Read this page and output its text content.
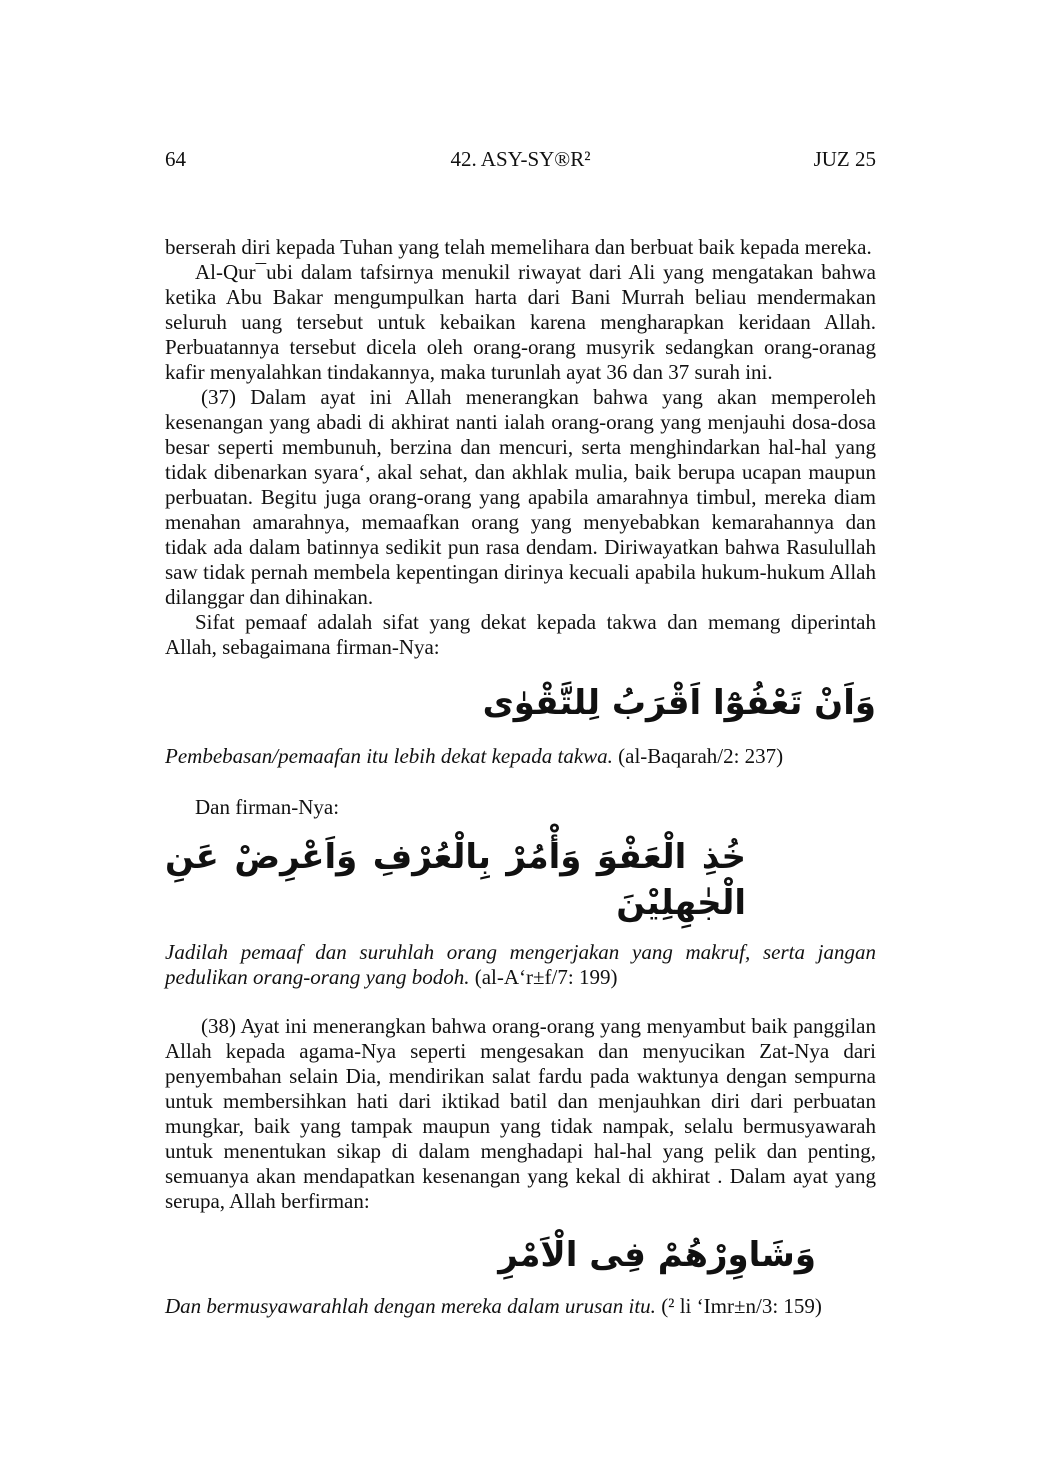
64	42. ASY-SY®R²	JUZ 25

berserah diri kepada Tuhan yang telah memelihara dan berbuat baik kepada mereka.

Al-Qur¯ubi dalam tafsirnya menukil riwayat dari Ali yang mengatakan bahwa ketika Abu Bakar mengumpulkan harta dari Bani Murrah beliau mendermakan seluruh uang tersebut untuk kebaikan karena mengharapkan keridaan Allah. Perbuatannya tersebut dicela oleh orang-orang musyrik sedangkan orang-oranag kafir menyalahkan tindakannya, maka turunlah ayat 36 dan 37 surah ini.

(37) Dalam ayat ini Allah menerangkan bahwa yang akan memperoleh kesenangan yang abadi di akhirat nanti ialah orang-orang yang menjauhi dosa-dosa besar seperti membunuh, berzina dan mencuri, serta menghindarkan hal-hal yang tidak dibenarkan syara‘, akal sehat, dan akhlak mulia, baik berupa ucapan maupun perbuatan. Begitu juga orang-orang yang apabila amarahnya timbul, mereka diam menahan amarahnya, memaafkan orang yang menyebabkan kemarahannya dan tidak ada dalam batinnya sedikit pun rasa dendam. Diriwayatkan bahwa Rasulullah saw tidak pernah membela kepentingan dirinya kecuali apabila hukum-hukum Allah dilanggar dan dihinakan.

Sifat pemaaf adalah sifat yang dekat kepada takwa dan memang diperintah Allah, sebagaimana firman-Nya:

وَاَنْ تَعْفُوْٓا اَقْرَبُ لِلتَّقْوٰى

Pembebasan/pemaafan itu lebih dekat kepada takwa. (al-Baqarah/2: 237)

Dan firman-Nya:

خُذِ الْعَفْوَ وَأْمُرْ بِالْعُرْفِ وَاَعْرِضْ عَنِ الْجٰهِلِيْنَ

Jadilah pemaaf dan suruhlah orang mengerjakan yang makruf, serta jangan pedulikan orang-orang yang bodoh. (al-A‘r±f/7: 199)

(38) Ayat ini menerangkan bahwa orang-orang yang menyambut baik panggilan Allah kepada agama-Nya seperti mengesakan dan menyucikan Zat-Nya dari penyembahan selain Dia, mendirikan salat fardu pada waktunya dengan sempurna untuk membersihkan hati dari iktikad batil dan menjauhkan diri dari perbuatan mungkar, baik yang tampak maupun yang tidak nampak, selalu bermusyawarah untuk menentukan sikap di dalam menghadapi hal-hal yang pelik dan penting, semuanya akan mendapatkan kesenangan yang kekal di akhirat . Dalam ayat yang serupa, Allah berfirman:

وَشَاوِرْهُمْ فِى الْاَمْرِ

Dan bermusyawarahlah dengan mereka dalam urusan itu. (² li ‘Imr±n/3: 159)
